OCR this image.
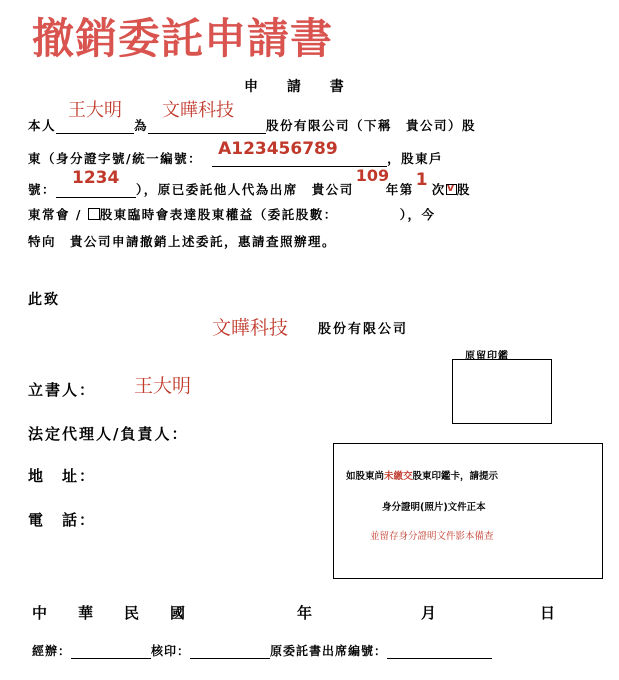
撤銷委託申請書
申 請 書
本人
王大明
為
文曄科技
股份有限公司（下稱　貴公司）股
東（身分證字號/統一編號： A123456789	，股東戶
號：
1234
），原已委託他人代為出席　貴公司
109
年第 1 次 v 股
東常會 / 股東臨時會表達股東權益（委託股數：	），今
特向　貴公司申請撤銷上述委託，惠請查照辦理。
此致
文曄科技 股份有限公司
原留印鑑
立書人： 王大明
法定代理人/負責人：
地　址：
電　話：
如股東尚未繳交股東印鑑卡，請提示
身分證明(照片)文件正本
並留存身分證明文件影本備查
中　華　民　國	年	月	日
經辦：	核印：	原委託書出席編號：
